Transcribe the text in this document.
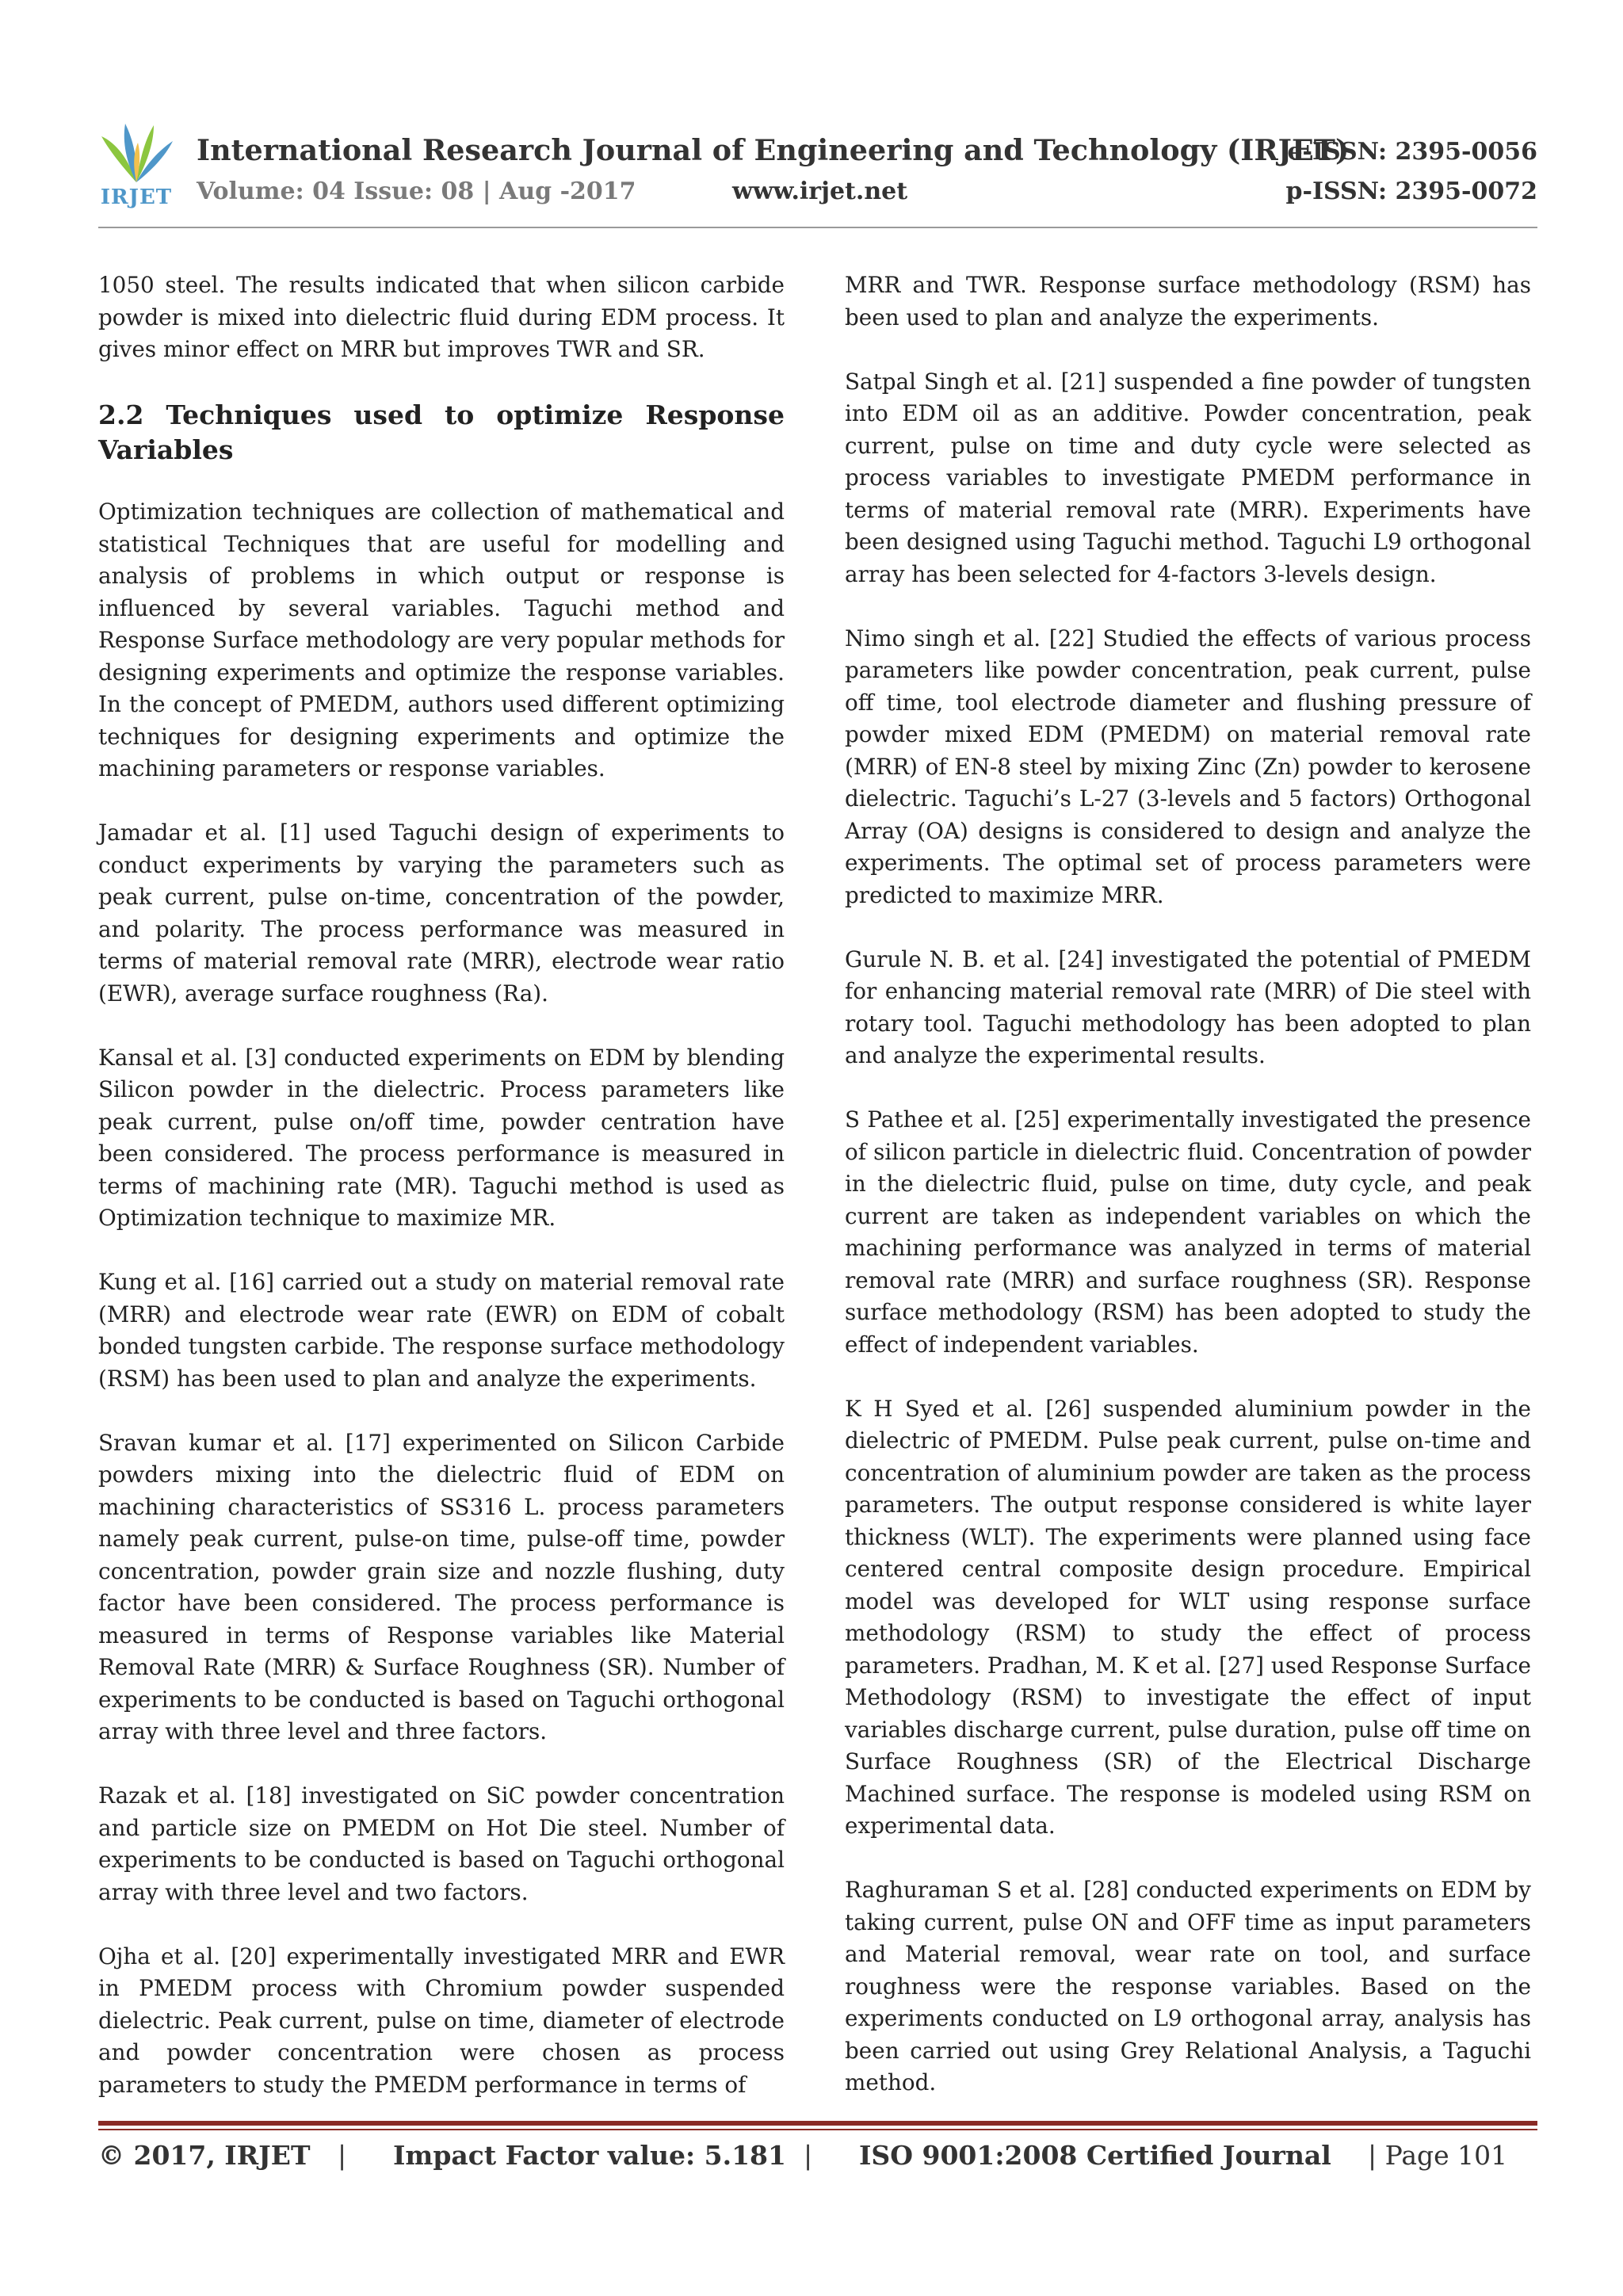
IRJET
International Research Journal of Engineering and Technology (IRJET)
e-ISSN: 2395-0056
Volume: 04 Issue: 08 | Aug -2017	www.irjet.net	p-ISSN: 2395-0072

1050 steel. The results indicated that when silicon carbide powder is mixed into dielectric fluid during EDM process. It gives minor effect on MRR but improves TWR and SR.

2.2 Techniques used to optimize Response Variables

Optimization techniques are collection of mathematical and statistical Techniques that are useful for modelling and analysis of problems in which output or response is influenced by several variables. Taguchi method and Response Surface methodology are very popular methods for designing experiments and optimize the response variables. In the concept of PMEDM, authors used different optimizing techniques for designing experiments and optimize the machining parameters or response variables.

Jamadar et al. [1] used Taguchi design of experiments to conduct experiments by varying the parameters such as peak current, pulse on-time, concentration of the powder, and polarity. The process performance was measured in terms of material removal rate (MRR), electrode wear ratio (EWR), average surface roughness (Ra).

Kansal et al. [3] conducted experiments on EDM by blending Silicon powder in the dielectric. Process parameters like peak current, pulse on/off time, powder centration have been considered. The process performance is measured in terms of machining rate (MR). Taguchi method is used as Optimization technique to maximize MR.

Kung et al. [16] carried out a study on material removal rate (MRR) and electrode wear rate (EWR) on EDM of cobalt bonded tungsten carbide. The response surface methodology (RSM) has been used to plan and analyze the experiments.

Sravan kumar et al. [17] experimented on Silicon Carbide powders mixing into the dielectric fluid of EDM on machining characteristics of SS316 L. process parameters namely peak current, pulse-on time, pulse-off time, powder concentration, powder grain size and nozzle flushing, duty factor have been considered. The process performance is measured in terms of Response variables like Material Removal Rate (MRR) & Surface Roughness (SR). Number of experiments to be conducted is based on Taguchi orthogonal array with three level and three factors.

Razak et al. [18] investigated on SiC powder concentration and particle size on PMEDM on Hot Die steel. Number of experiments to be conducted is based on Taguchi orthogonal array with three level and two factors.

Ojha et al. [20] experimentally investigated MRR and EWR in PMEDM process with Chromium powder suspended dielectric. Peak current, pulse on time, diameter of electrode and powder concentration were chosen as process parameters to study the PMEDM performance in terms of

MRR and TWR. Response surface methodology (RSM) has been used to plan and analyze the experiments.

Satpal Singh et al. [21] suspended a fine powder of tungsten into EDM oil as an additive. Powder concentration, peak current, pulse on time and duty cycle were selected as process variables to investigate PMEDM performance in terms of material removal rate (MRR). Experiments have been designed using Taguchi method. Taguchi L9 orthogonal array has been selected for 4-factors 3-levels design.

Nimo singh et al. [22] Studied the effects of various process parameters like powder concentration, peak current, pulse off time, tool electrode diameter and flushing pressure of powder mixed EDM (PMEDM) on material removal rate (MRR) of EN-8 steel by mixing Zinc (Zn) powder to kerosene dielectric. Taguchi’s L-27 (3-levels and 5 factors) Orthogonal Array (OA) designs is considered to design and analyze the experiments. The optimal set of process parameters were predicted to maximize MRR.

Gurule N. B. et al. [24] investigated the potential of PMEDM for enhancing material removal rate (MRR) of Die steel with rotary tool. Taguchi methodology has been adopted to plan and analyze the experimental results.

S Pathee et al. [25] experimentally investigated the presence of silicon particle in dielectric fluid. Concentration of powder in the dielectric fluid, pulse on time, duty cycle, and peak current are taken as independent variables on which the machining performance was analyzed in terms of material removal rate (MRR) and surface roughness (SR). Response surface methodology (RSM) has been adopted to study the effect of independent variables.

K H Syed et al. [26] suspended aluminium powder in the dielectric of PMEDM. Pulse peak current, pulse on-time and concentration of aluminium powder are taken as the process parameters. The output response considered is white layer thickness (WLT). The experiments were planned using face centered central composite design procedure. Empirical model was developed for WLT using response surface methodology (RSM) to study the effect of process parameters. Pradhan, M. K et al. [27] used Response Surface Methodology (RSM) to investigate the effect of input variables discharge current, pulse duration, pulse off time on Surface Roughness (SR) of the Electrical Discharge Machined surface. The response is modeled using RSM on experimental data.

Raghuraman S et al. [28] conducted experiments on EDM by taking current, pulse ON and OFF time as input parameters and Material removal, wear rate on tool, and surface roughness were the response variables. Based on the experiments conducted on L9 orthogonal array, analysis has been carried out using Grey Relational Analysis, a Taguchi method.

© 2017, IRJET | Impact Factor value: 5.181 | ISO 9001:2008 Certified Journal | Page 101
